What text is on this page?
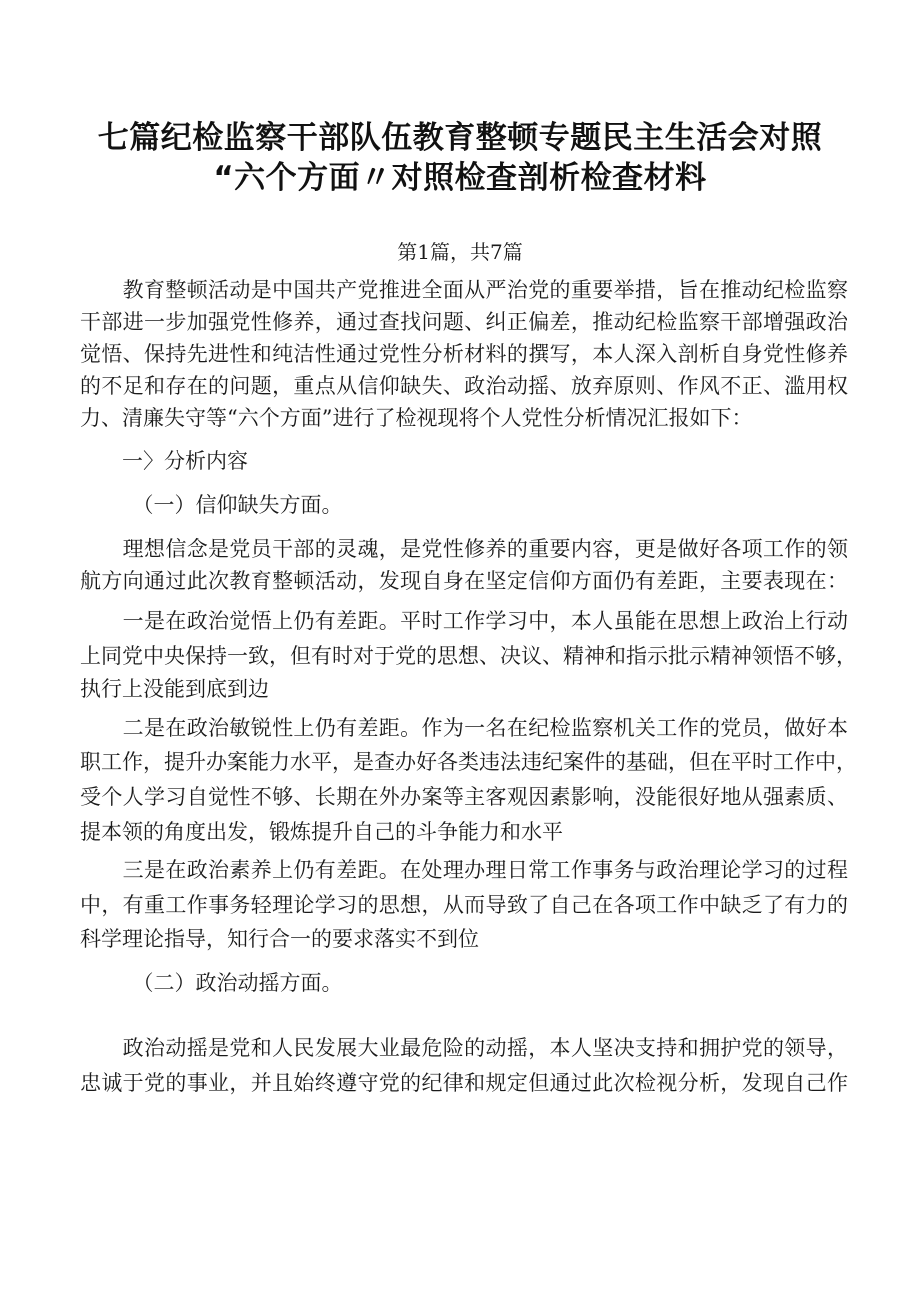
七篇纪检监察干部队伍教育整顿专题民主生活会对照
“六个方面〃对照检查剖析检查材料
第1篇，共7篇
　　教育整顿活动是中国共产党推进全面从严治党的重要举措，旨在推动纪检监察
干部进一步加强党性修养，通过查找问题、纠正偏差，推动纪检监察干部增强政治
觉悟、保持先进性和纯洁性通过党性分析材料的撰写，本人深入剖析自身党性修养
的不足和存在的问题，重点从信仰缺失、政治动摇、放弃原则、作风不正、滥用权
力、清廉失守等“六个方面”进行了检视现将个人党性分析情况汇报如下：
　　一〉分析内容
　　　（一）信仰缺失方面。
　　理想信念是党员干部的灵魂，是党性修养的重要内容，更是做好各项工作的领
航方向通过此次教育整顿活动，发现自身在坚定信仰方面仍有差距，主要表现在：
　　一是在政治觉悟上仍有差距。平时工作学习中，本人虽能在思想上政治上行动
上同党中央保持一致，但有时对于党的思想、决议、精神和指示批示精神领悟不够，
执行上没能到底到边
　　二是在政治敏锐性上仍有差距。作为一名在纪检监察机关工作的党员，做好本
职工作，提升办案能力水平，是查办好各类违法违纪案件的基础，但在平时工作中，
受个人学习自觉性不够、长期在外办案等主客观因素影响，没能很好地从强素质、
提本领的角度出发，锻炼提升自己的斗争能力和水平
　　三是在政治素养上仍有差距。在处理办理日常工作事务与政治理论学习的过程
中，有重工作事务轻理论学习的思想，从而导致了自己在各项工作中缺乏了有力的
科学理论指导，知行合一的要求落实不到位
　　　（二）政治动摇方面。
　　政治动摇是党和人民发展大业最危险的动摇，本人坚决支持和拥护党的领导，
忠诚于党的事业，并且始终遵守党的纪律和规定但通过此次检视分析，发现自己作
